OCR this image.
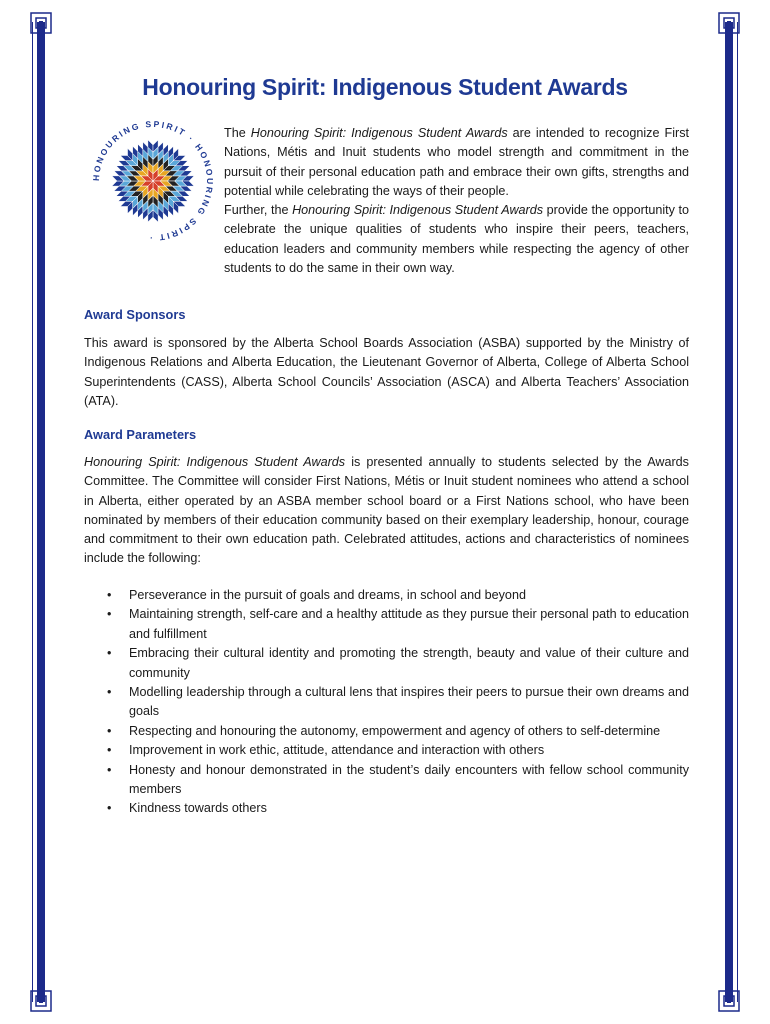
Honouring Spirit: Indigenous Student Awards
HONOURING SPIRIT · HONOURING SPIRIT ·
The Honouring Spirit: Indigenous Student Awards are intended to recognize First Nations, Métis and Inuit students who model strength and commitment in the pursuit of their personal education path and embrace their own gifts, strengths and potential while celebrating the ways of their people.
Further, the Honouring Spirit: Indigenous Student Awards provide the opportunity to celebrate the unique qualities of students who inspire their peers, teachers, education leaders and community members while respecting the agency of other students to do the same in their own way.
Award Sponsors
This award is sponsored by the Alberta School Boards Association (ASBA) supported by the Ministry of Indigenous Relations and Alberta Education, the Lieutenant Governor of Alberta, College of Alberta School Superintendents (CASS), Alberta School Councils’ Association (ASCA) and Alberta Teachers’ Association (ATA).
Award Parameters
Honouring Spirit: Indigenous Student Awards is presented annually to students selected by the Awards Committee. The Committee will consider First Nations, Métis or Inuit student nominees who attend a school in Alberta, either operated by an ASBA member school board or a First Nations school, who have been nominated by members of their education community based on their exemplary leadership, honour, courage and commitment to their own education path. Celebrated attitudes, actions and characteristics of nominees include the following:
• Perseverance in the pursuit of goals and dreams, in school and beyond
• Maintaining strength, self-care and a healthy attitude as they pursue their personal path to education and fulfillment
• Embracing their cultural identity and promoting the strength, beauty and value of their culture and community
• Modelling leadership through a cultural lens that inspires their peers to pursue their own dreams and goals
• Respecting and honouring the autonomy, empowerment and agency of others to self-determine
• Improvement in work ethic, attitude, attendance and interaction with others
• Honesty and honour demonstrated in the student’s daily encounters with fellow school community members
• Kindness towards others
